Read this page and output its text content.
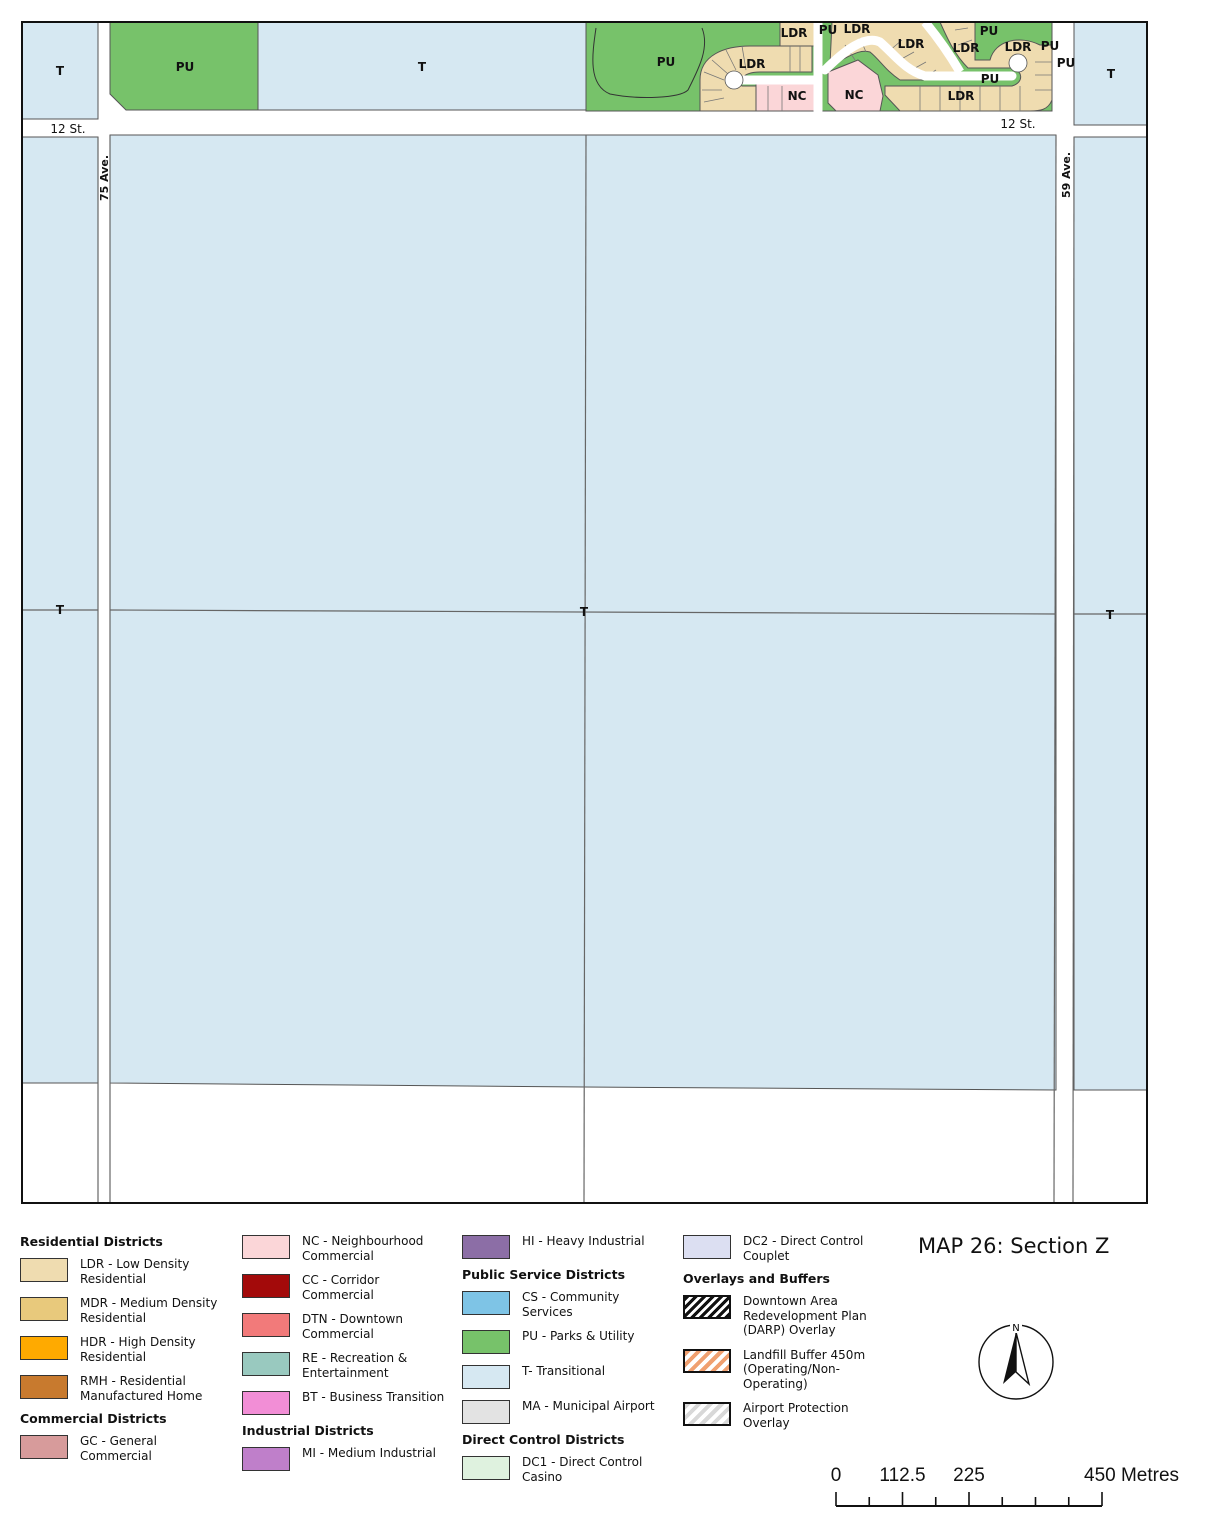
T	PU	T	PU
LDR PU LDR
LDR
NC	NC
LDR LDR
PU
LDR PU
PU
PU
LDR
T
T	T	T
12 St.	12 St.
75 Ave.	59 Ave.
Residential Districts
LDR - Low Density Residential
MDR - Medium Density Residential
HDR - High Density Residential
RMH - Residential Manufactured Home
Commercial Districts
GC - General Commercial
NC - Neighbourhood Commercial
CC - Corridor Commercial
DTN - Downtown Commercial
RE - Recreation & Entertainment
BT - Business Transition
Industrial Districts
MI - Medium Industrial
HI - Heavy Industrial
Public Service Districts
CS - Community Services
PU - Parks & Utility
T- Transitional
MA - Municipal Airport
Direct Control Districts
DC1 - Direct Control Casino
DC2 - Direct Control Couplet
Overlays and Buffers
Downtown Area Redevelopment Plan (DARP) Overlay
Landfill Buffer 450m (Operating/Non-Operating)
Airport Protection Overlay
MAP 26: Section Z
N
0 112.5 225	450 Metres
